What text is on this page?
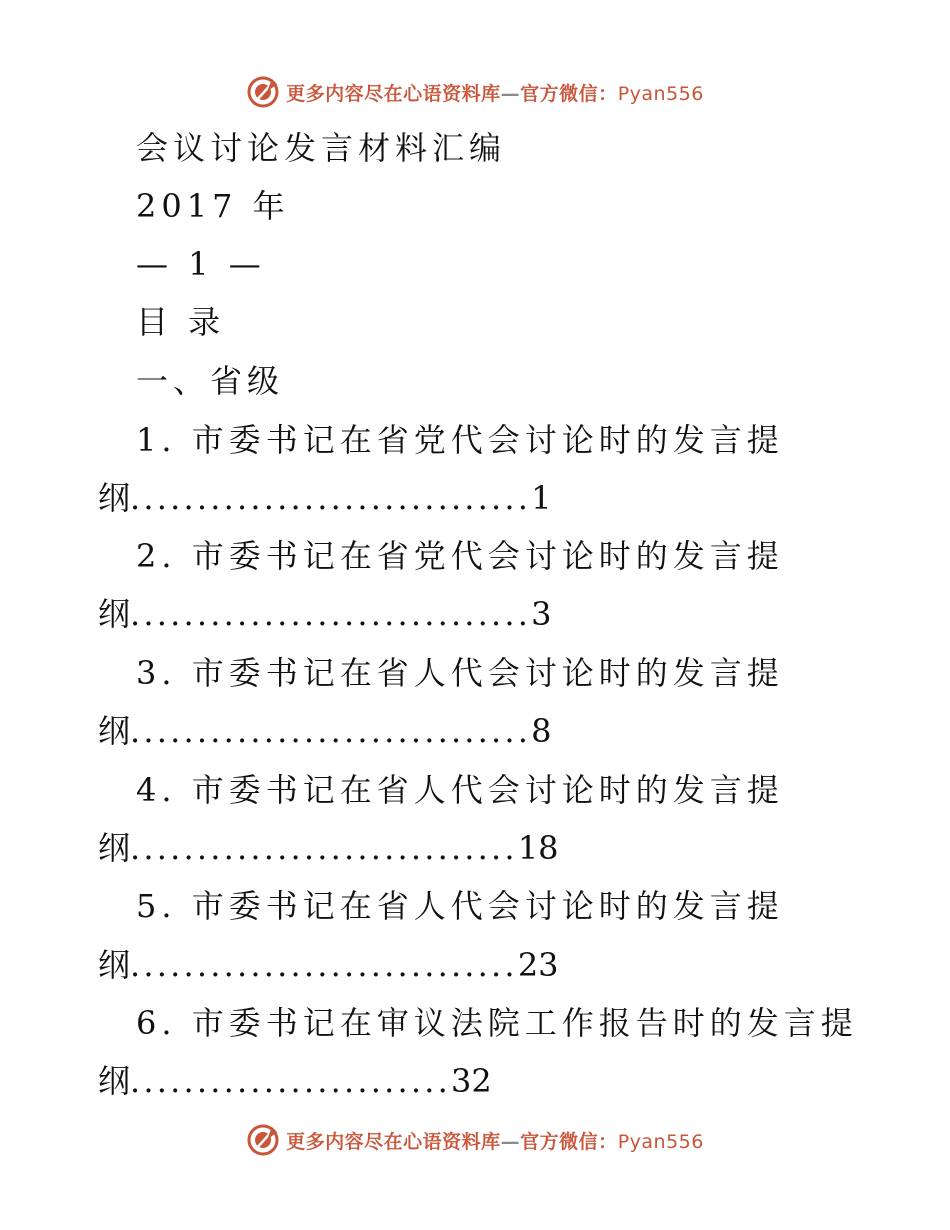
更多内容尽在心语资料库—官方微信：Pyan556
会议讨论发言材料汇编
2017 年
— 1 —
目 录
一、省级
1. 市委书记在省党代会讨论时的发言提
纲..............................1
2. 市委书记在省党代会讨论时的发言提
纲..............................3
3. 市委书记在省人代会讨论时的发言提
纲..............................8
4. 市委书记在省人代会讨论时的发言提
纲.............................18
5. 市委书记在省人代会讨论时的发言提
纲.............................23
6. 市委书记在审议法院工作报告时的发言提
纲........................32
更多内容尽在心语资料库—官方微信：Pyan556
